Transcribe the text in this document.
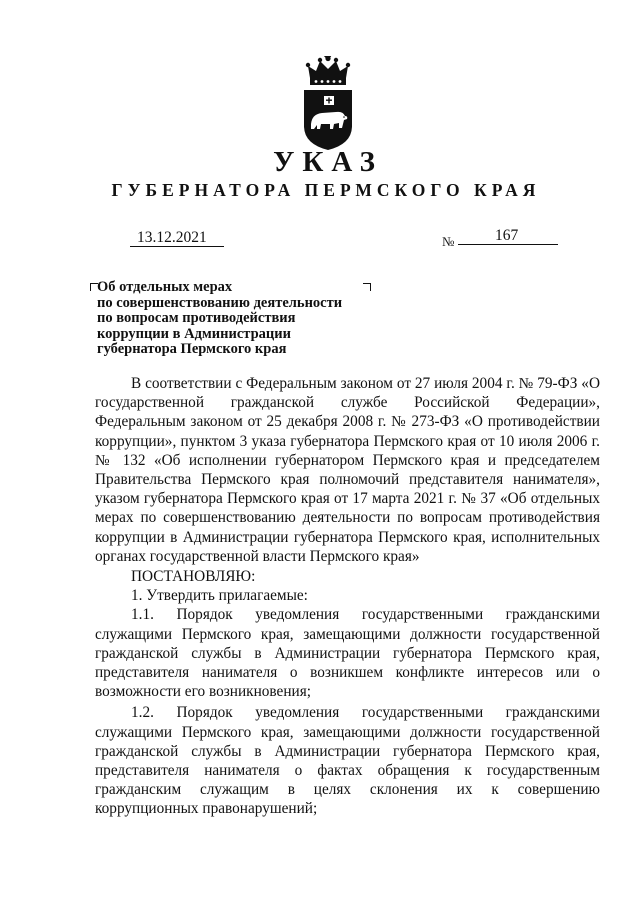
УКАЗ
ГУБЕРНАТОРА ПЕРМСКОГО КРАЯ
13.12.2021	№	167
Об отдельных мерах
по совершенствованию деятельности
по вопросам противодействия
коррупции в Администрации
губернатора Пермского края

В соответствии с Федеральным законом от 27 июля 2004 г. № 79-ФЗ «О государственной гражданской службе Российской Федерации», Федеральным законом от 25 декабря 2008 г. № 273-ФЗ «О противодействии коррупции», пунктом 3 указа губернатора Пермского края от 10 июля 2006 г. № 132 «Об исполнении губернатором Пермского края и председателем Правительства Пермского края полномочий представителя нанимателя», указом губернатора Пермского края от 17 марта 2021 г. № 37 «Об отдельных мерах по совершенствованию деятельности по вопросам противодействия коррупции в Администрации губернатора Пермского края, исполнительных органах государственной власти Пермского края»

ПОСТАНОВЛЯЮ:

1. Утвердить прилагаемые:

1.1. Порядок уведомления государственными гражданскими служащими Пермского края, замещающими должности государственной гражданской службы в Администрации губернатора Пермского края, представителя нанимателя о возникшем конфликте интересов или о возможности его возникновения;

1.2. Порядок уведомления государственными гражданскими служащими Пермского края, замещающими должности государственной гражданской службы в Администрации губернатора Пермского края, представителя нанимателя о фактах обращения к государственным гражданским служащим в целях склонения их к совершению коррупционных правонарушений;
